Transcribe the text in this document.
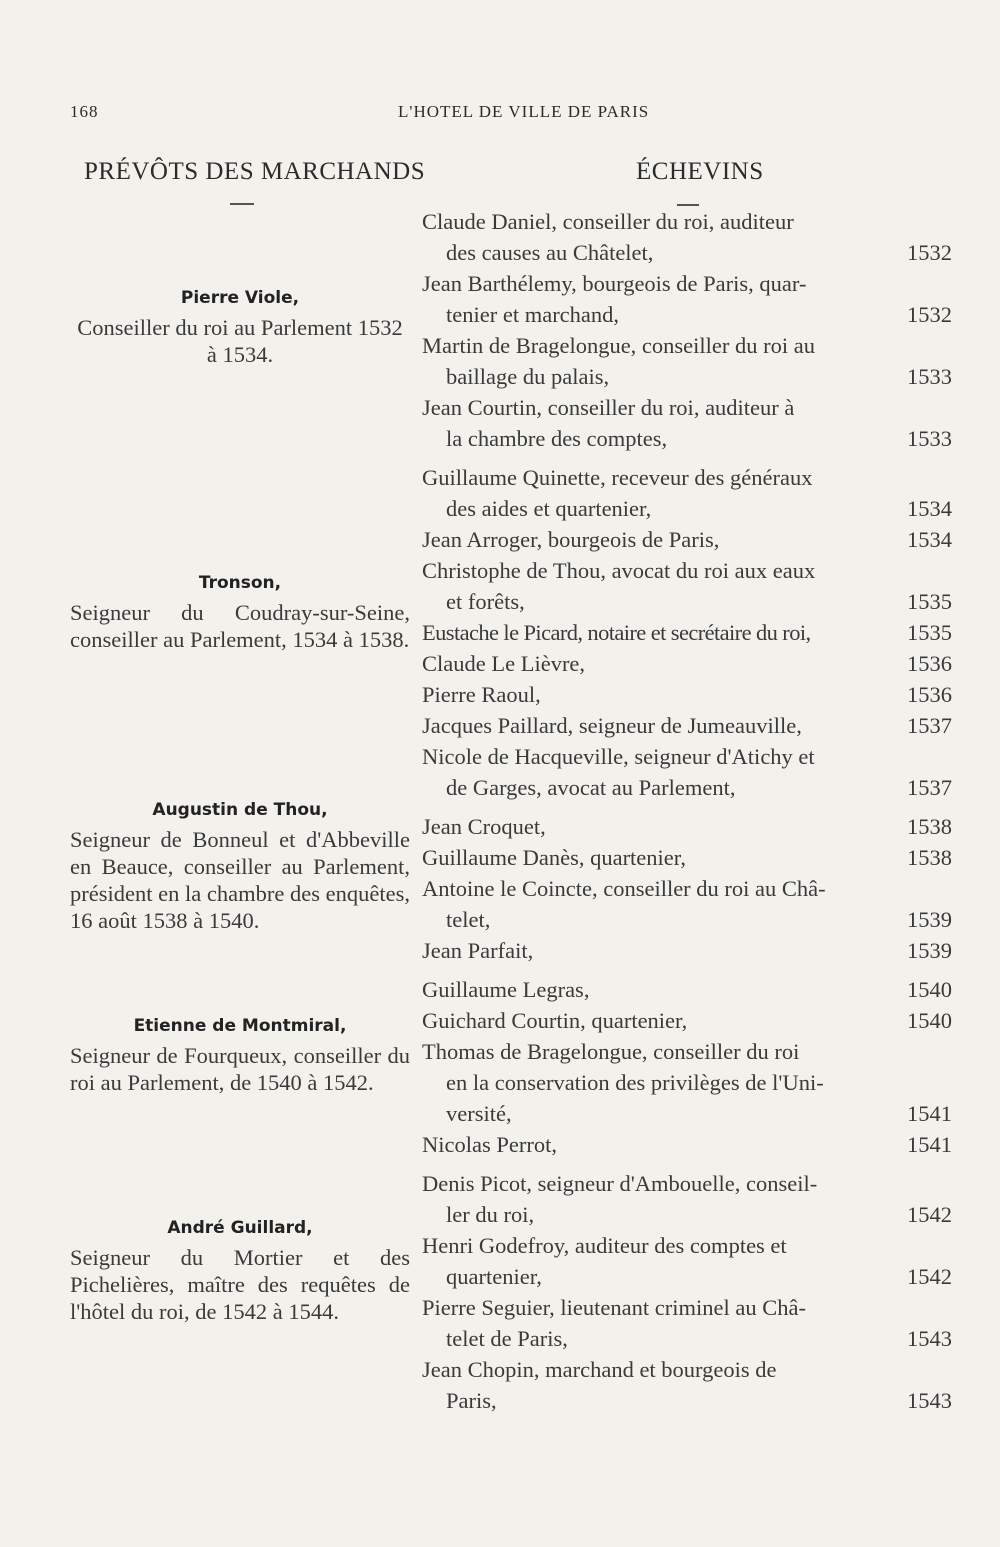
168	L'HOTEL DE VILLE DE PARIS
PRÉVÔTS DES MARCHANDS	ÉCHEVINS
Pierre Viole,
Conseiller du roi au Parlement 1532 à 1534.
Tronson,
Seigneur du Coudray-sur-Seine, conseiller au Parlement, 1534 à 1538.
Augustin de Thou,
Seigneur de Bonneul et d'Abbeville en Beauce, conseiller au Parlement, président en la chambre des enquêtes, 16 août 1538 à 1540.
Etienne de Montmiral,
Seigneur de Fourqueux, conseiller du roi au Parlement, de 1540 à 1542.
André Guillard,
Seigneur du Mortier et des Pichelières, maître des requêtes de l'hôtel du roi, de 1542 à 1544.
Claude Daniel, conseiller du roi, auditeur
des causes au Châtelet,	1532
Jean Barthélemy, bourgeois de Paris, quar-
tenier et marchand,	1532
Martin de Bragelongue, conseiller du roi au
baillage du palais,	1533
Jean Courtin, conseiller du roi, auditeur à
la chambre des comptes,	1533
Guillaume Quinette, receveur des généraux
des aides et quartenier,	1534
Jean Arroger, bourgeois de Paris,	1534
Christophe de Thou, avocat du roi aux eaux
et forêts,	1535
Eustache le Picard, notaire et secrétaire du roi,	1535
Claude Le Lièvre,	1536
Pierre Raoul,	1536
Jacques Paillard, seigneur de Jumeauville,	1537
Nicole de Hacqueville, seigneur d'Atichy et
de Garges, avocat au Parlement,	1537
Jean Croquet,	1538
Guillaume Danès, quartenier,	1538
Antoine le Coincte, conseiller du roi au Châ-
telet,	1539
Jean Parfait,	1539
Guillaume Legras,	1540
Guichard Courtin, quartenier,	1540
Thomas de Bragelongue, conseiller du roi
en la conservation des privilèges de l'Uni-
versité,	1541
Nicolas Perrot,	1541
Denis Picot, seigneur d'Ambouelle, conseil-
ler du roi,	1542
Henri Godefroy, auditeur des comptes et
quartenier,	1542
Pierre Seguier, lieutenant criminel au Châ-
telet de Paris,	1543
Jean Chopin, marchand et bourgeois de
Paris,	1543
